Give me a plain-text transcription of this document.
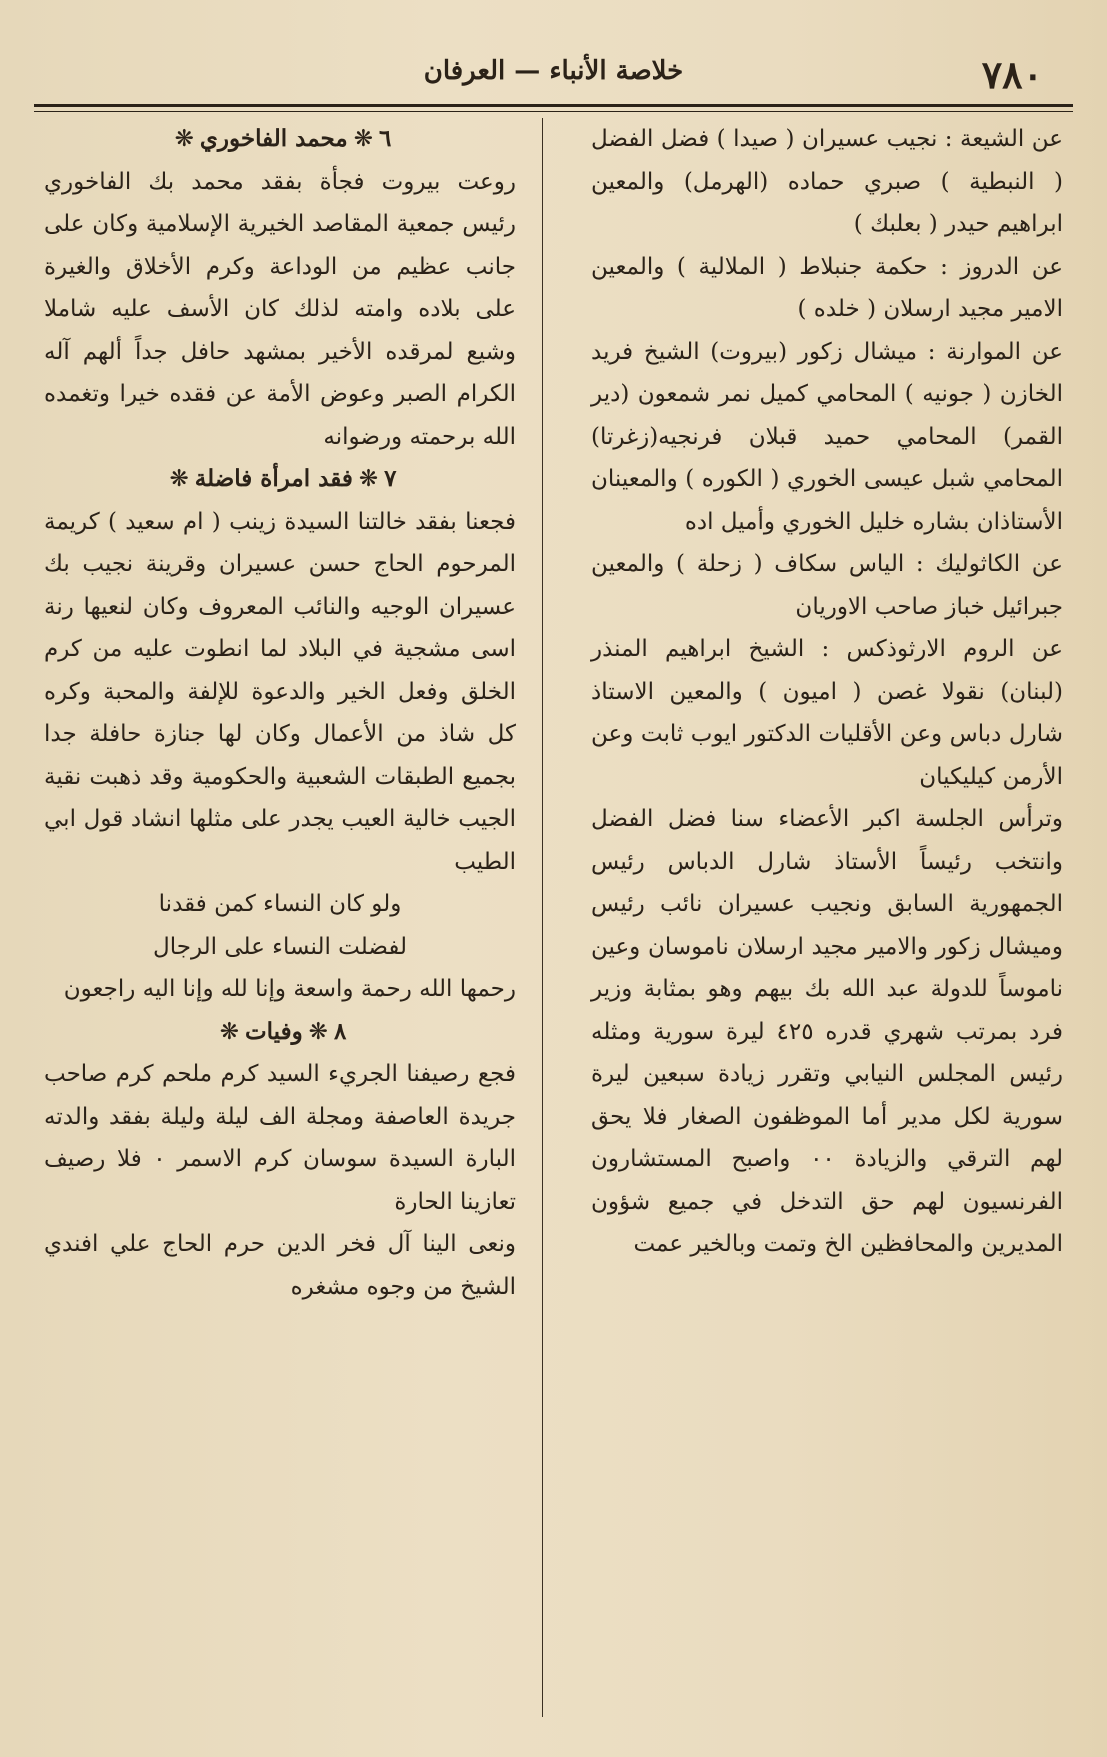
٧٨٠
خلاصة الأنباء — العرفان

عن الشيعة : نجيب عسيران ( صيدا ) فضل الفضل ( النبطية ) صبري حماده (الهرمل) والمعين ابراهيم حيدر ( بعلبك )

عن الدروز : حكمة جنبلاط ( الملالية ) والمعين الامير مجيد ارسلان ( خلده )

عن الموارنة : ميشال زكور (بيروت) الشيخ فريد الخازن ( جونيه ) المحامي كميل نمر شمعون (دير القمر) المحامي حميد قبلان فرنجيه(زغرتا) المحامي شبل عيسى الخوري ( الكوره ) والمعينان الأستاذان بشاره خليل الخوري وأميل اده

عن الكاثوليك : الياس سكاف ( زحلة ) والمعين جبرائيل خباز صاحب الاوريان

عن الروم الارثوذكس : الشيخ ابراهيم المنذر (لبنان) نقولا غصن ( اميون ) والمعين الاستاذ شارل دباس وعن الأقليات الدكتور ايوب ثابت وعن الأرمن كيليكيان

وترأس الجلسة اكبر الأعضاء سنا فضل الفضل وانتخب رئيساً الأستاذ شارل الدباس رئيس الجمهورية السابق ونجيب عسيران نائب رئيس وميشال زكور والامير مجيد ارسلان ناموسان وعين ناموساً للدولة عبد الله بك بيهم وهو بمثابة وزير فرد بمرتب شهري قدره ٤٢٥ ليرة سورية ومثله رئيس المجلس النيابي وتقرر زيادة سبعين ليرة سورية لكل مدير أما الموظفون الصغار فلا يحق لهم الترقي والزيادة ٠٠ واصبح المستشارون الفرنسيون لهم حق التدخل في جميع شؤون المديرين والمحافظين الخ وتمت وبالخير عمت

٦❋محمد الفاخوري❋

روعت بيروت فجأة بفقد محمد بك الفاخوري رئيس جمعية المقاصد الخيرية الإسلامية وكان على جانب عظيم من الوداعة وكرم الأخلاق والغيرة على بلاده وامته لذلك كان الأسف عليه شاملا وشيع لمرقده الأخير بمشهد حافل جداً ألهم آله الكرام الصبر وعوض الأمة عن فقده خيرا وتغمده الله برحمته ورضوانه

٧❋فقد امرأة فاضلة❋

فجعنا بفقد خالتنا السيدة زينب ( ام سعيد ) كريمة المرحوم الحاج حسن عسيران وقرينة نجيب بك عسيران الوجيه والنائب المعروف وكان لنعيها رنة اسى مشجية في البلاد لما انطوت عليه من كرم الخلق وفعل الخير والدعوة للإلفة والمحبة وكره كل شاذ من الأعمال وكان لها جنازة حافلة جدا بجميع الطبقات الشعبية والحكومية وقد ذهبت نقية الجيب خالية العيب يجدر على مثلها انشاد قول ابي الطيب

ولو كان النساء كمن فقدنا

لفضلت النساء على الرجال

رحمها الله رحمة واسعة وإنا لله وإنا اليه راجعون

٨❋وفيات❋

فجع رصيفنا الجريء السيد كرم ملحم كرم صاحب جريدة العاصفة ومجلة الف ليلة وليلة بفقد والدته البارة السيدة سوسان كرم الاسمر ٠ فلا رصيف تعازينا الحارة

ونعى الينا آل فخر الدين حرم الحاج علي افندي الشيخ من وجوه مشغره
